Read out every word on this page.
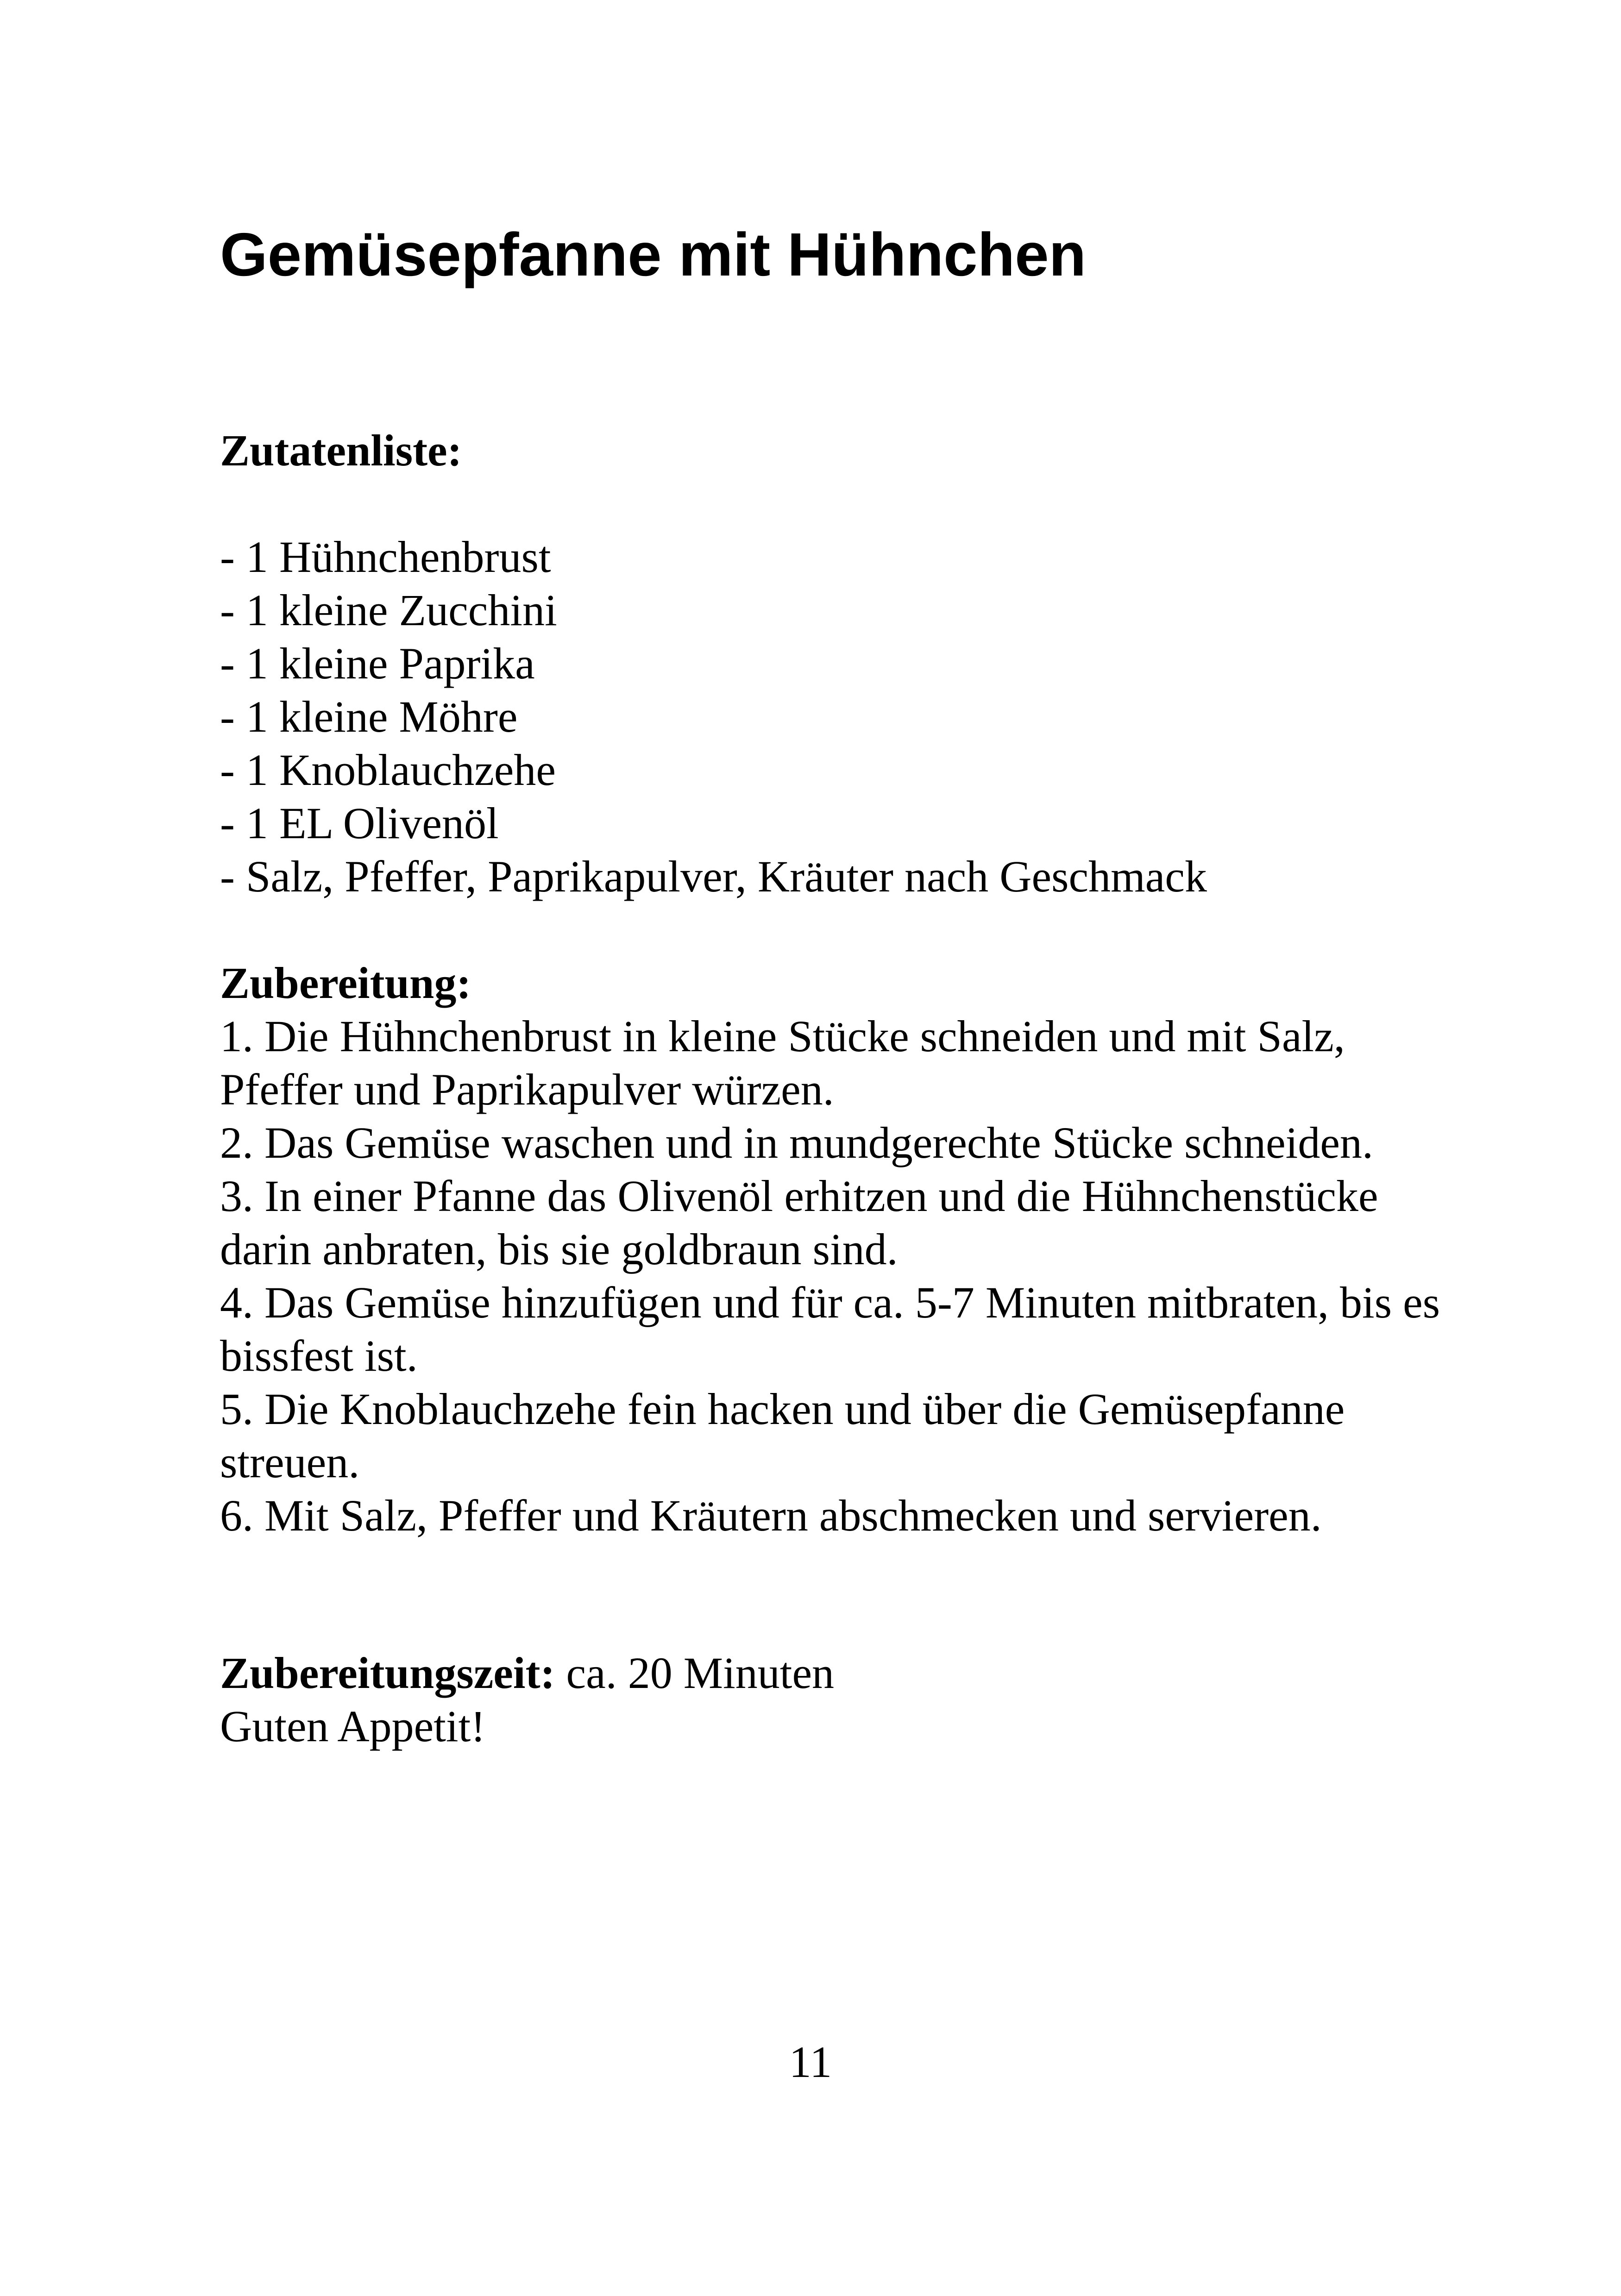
Gemüsepfanne mit Hühnchen
Zutatenliste:
- 1 Hühnchenbrust
- 1 kleine Zucchini
- 1 kleine Paprika
- 1 kleine Möhre
- 1 Knoblauchzehe
- 1 EL Olivenöl
- Salz, Pfeffer, Paprikapulver, Kräuter nach Geschmack
Zubereitung:
1. Die Hühnchenbrust in kleine Stücke schneiden und mit Salz, Pfeffer und Paprikapulver würzen.
2. Das Gemüse waschen und in mundgerechte Stücke schneiden.
3. In einer Pfanne das Olivenöl erhitzen und die Hühnchenstücke darin anbraten, bis sie goldbraun sind.
4. Das Gemüse hinzufügen und für ca. 5-7 Minuten mitbraten, bis es bissfest ist.
5. Die Knoblauchzehe fein hacken und über die Gemüsepfanne streuen.
6. Mit Salz, Pfeffer und Kräutern abschmecken und servieren.
Zubereitungszeit: ca. 20 Minuten
Guten Appetit!
11
